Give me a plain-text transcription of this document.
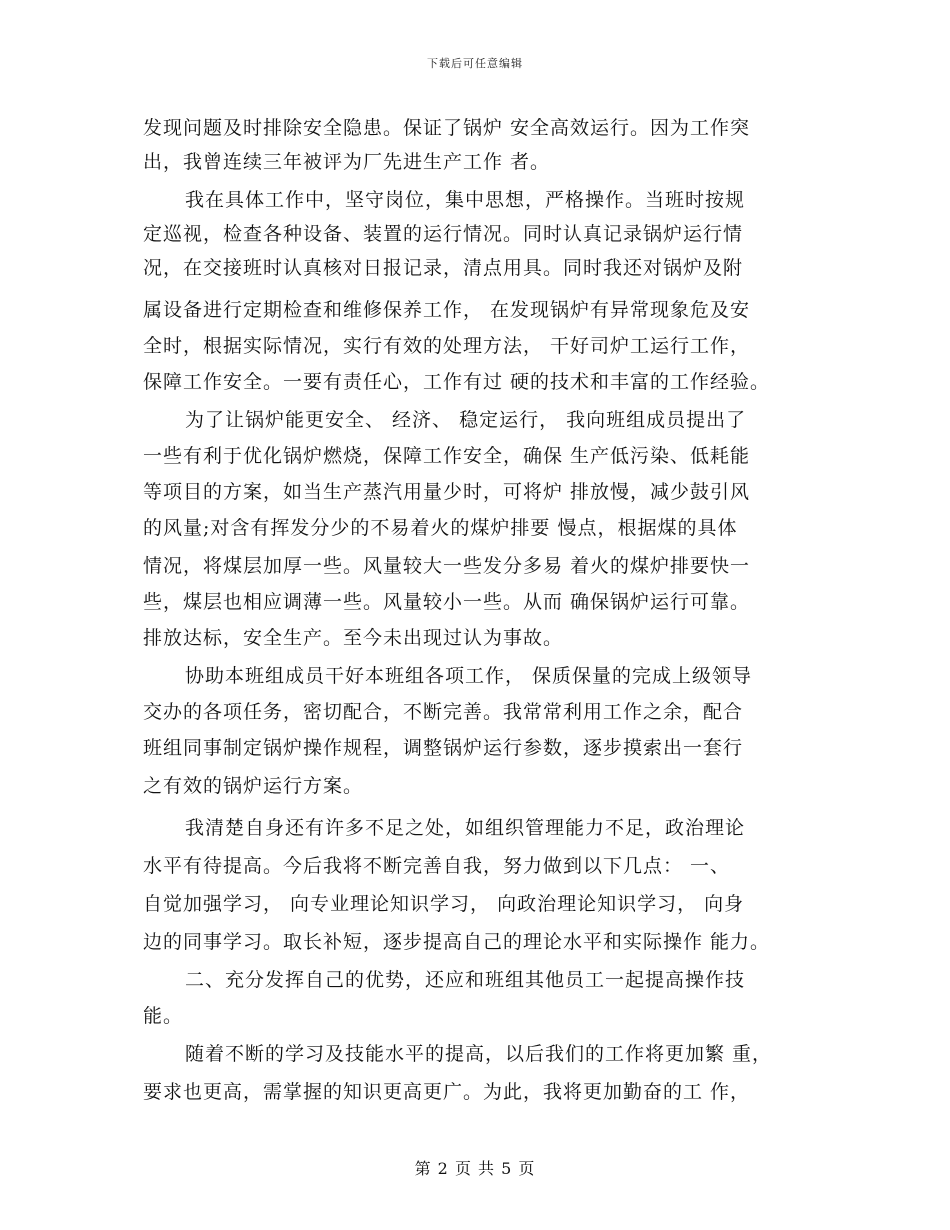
下载后可任意编辑
发现问题及时排除安全隐患。保证了锅炉 安全高效运行。因为工作突
出，我曾连续三年被评为厂先进生产工作 者。
我在具体工作中，坚守岗位，集中思想，严格操作。当班时按规
定巡视，检查各种设备、装置的运行情况。同时认真记录锅炉运行情
况，在交接班时认真核对日报记录，清点用具。同时我还对锅炉及附
属设备进行定期检查和维修保养工作， 在发现锅炉有异常现象危及安
全时，根据实际情况，实行有效的处理方法， 干好司炉工运行工作，
保障工作安全。一要有责任心，工作有过 硬的技术和丰富的工作经验。
为了让锅炉能更安全、 经济、 稳定运行， 我向班组成员提出了
一些有利于优化锅炉燃烧，保障工作安全，确保 生产低污染、低耗能
等项目的方案，如当生产蒸汽用量少时，可将炉 排放慢，减少鼓引风
的风量;对含有挥发分少的不易着火的煤炉排要 慢点，根据煤的具体
情况，将煤层加厚一些。风量较大一些发分多易 着火的煤炉排要快一
些，煤层也相应调薄一些。风量较小一些。从而 确保锅炉运行可靠。
排放达标，安全生产。至今未出现过认为事故。
协助本班组成员干好本班组各项工作， 保质保量的完成上级领导
交办的各项任务，密切配合，不断完善。我常常利用工作之余，配合
班组同事制定锅炉操作规程，调整锅炉运行参数，逐步摸索出一套行
之有效的锅炉运行方案。
我清楚自身还有许多不足之处，如组织管理能力不足，政治理论
水平有待提高。今后我将不断完善自我，努力做到以下几点： 一、
自觉加强学习， 向专业理论知识学习， 向政治理论知识学习， 向身
边的同事学习。取长补短，逐步提高自己的理论水平和实际操作 能力。
二、充分发挥自己的优势，还应和班组其他员工一起提高操作技
能。
随着不断的学习及技能水平的提高，以后我们的工作将更加繁 重，
要求也更高，需掌握的知识更高更广。为此，我将更加勤奋的工 作，
第 2 页 共 5 页
